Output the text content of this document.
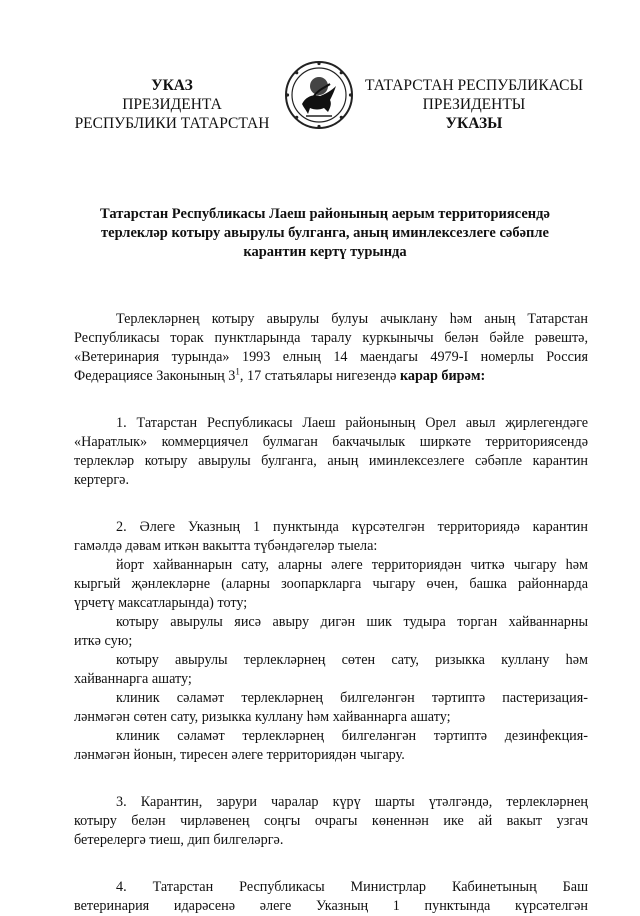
УКАЗ
ПРЕЗИДЕНТА
РЕСПУБЛИКИ ТАТАРСТАН
ТАТАРСТАН РЕСПУБЛИКАСЫ
ПРЕЗИДЕНТЫ
УКАЗЫ
Татарстан Республикасы Лаеш районының аерым территориясендә
терлекләр котыру авырулы булганга, аның иминлексезлеге сәбәпле
карантин кертү турында
Терлекләрнең котыру авырулы булуы ачыклану һәм аның Татарстан
Республикасы торак пунктларында таралу куркынычы белән бәйле рәвештә,
«Ветеринария турында» 1993 елның 14 маендагы 4979-I номерлы Россия
Федерациясе Законының $3^1$, 17 статьялары нигезендә карар бирәм:
1. Татарстан Республикасы Лаеш районының Орел авыл җирлегендәге
«Наратлык» коммерциячел булмаган бакчачылык ширкәте территориясендә
терлекләр котыру авырулы булганга, аның иминлексезлеге сәбәпле карантин
кертергә.
2. Әлеге Указның 1 пунктында күрсәтелгән территориядә карантин
гамәлдә дәвам иткән вакытта түбәндәгеләр тыела:
йорт хайваннарын сату, аларны әлеге территориядән читкә чыгару һәм
кыргый җәнлекләрне (аларны зоопаркларга чыгару өчен, башка районнарда
үрчетү максатларында) тоту;
котыру авырулы яисә авыру дигән шик тудыра торган хайваннарны
иткә сую;
котыру авырулы терлекләрнең сөтен сату, ризыкка куллану һәм
хайваннарга ашату;
клиник сәламәт терлекләрнең билгеләнгән тәртиптә пастеризация-
ләнмәгән сөтен сату, ризыкка куллану һәм хайваннарга ашату;
клиник сәламәт терлекләрнең билгеләнгән тәртиптә дезинфекция-
ләнмәгән йонын, тиресен әлеге территориядән чыгару.
3. Карантин, зарури чаралар күрү шарты үтәлгәндә, терлекләрнең
котыру белән чирләвенең соңгы очрагы көненнән ике ай вакыт узгач
бетерелергә тиеш, дип билгеләргә.
4. Татарстан Республикасы Министрлар Кабинетының Баш
ветеринария идарәсенә әлеге Указның 1 пунктында күрсәтелгән
